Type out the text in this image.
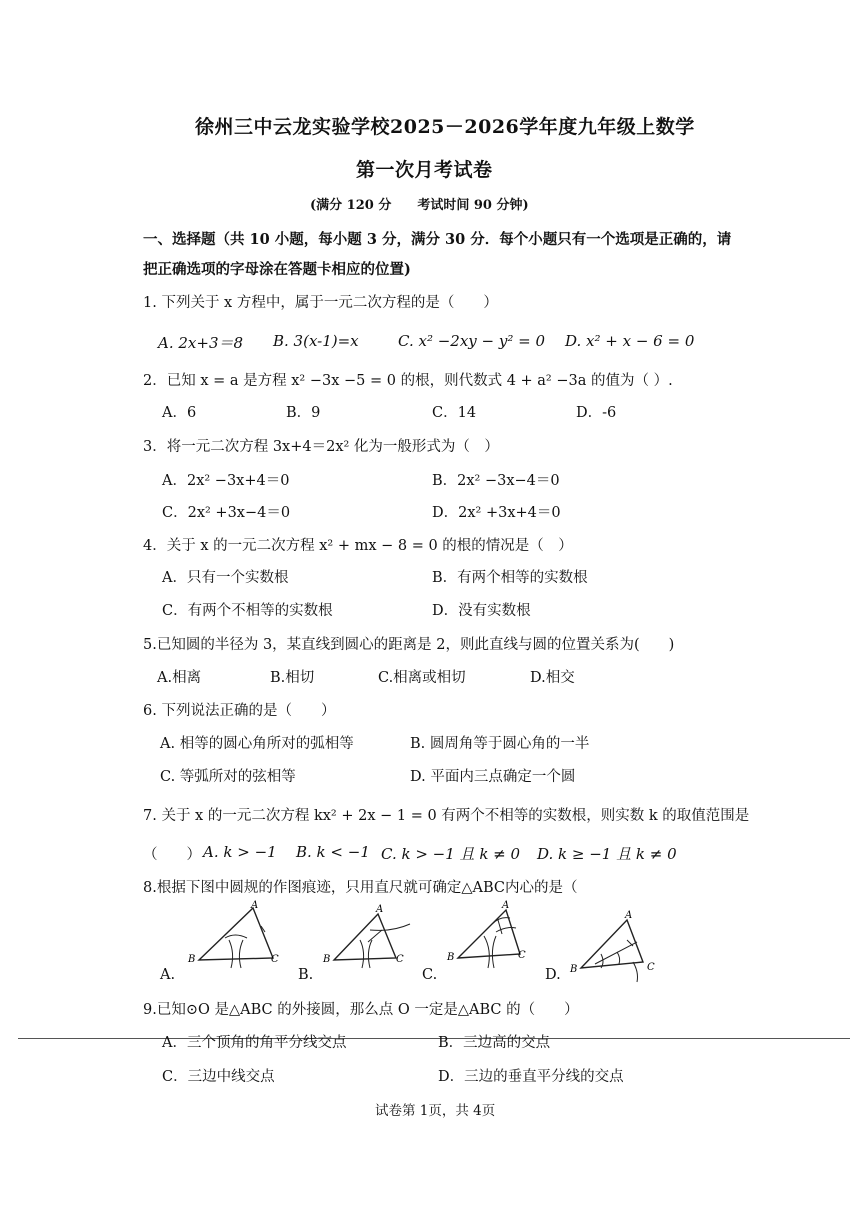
徐州三中云龙实验学校2025－2026学年度九年级上数学
第一次月考试卷
(满分 120 分　　考试时间 90 分钟)
一、选择题（共 10 小题，每小题 3 分，满分 30 分．每个小题只有一个选项是正确的，请
把正确选项的字母涂在答题卡相应的位置)
1. 下列关于 x 方程中，属于一元二次方程的是（　　）
A. 2x+3＝8 B. 3(x-1)=x	C. x² −2xy − y² = 0 D. x² + x − 6 = 0
2．已知 x = a 是方程 x² −3x −5 = 0 的根，则代数式 4 + a² −3a 的值为（ ）.
A．6	B．9	C．14	D．-6
3．将一元二次方程 3x+4＝2x² 化为一般形式为（　）
A．2x² −3x+4＝0	B．2x² −3x−4＝0
C．2x² +3x−4＝0	D．2x² +3x+4＝0
4．关于 x 的一元二次方程 x² + mx − 8 = 0 的根的情况是（　）
A．只有一个实数根	B．有两个相等的实数根
C．有两个不相等的实数根	D．没有实数根
5.已知圆的半径为 3，某直线到圆心的距离是 2，则此直线与圆的位置关系为(　　)
A.相离	B.相切	C.相离或相切	D.相交
6. 下列说法正确的是（　　）
A. 相等的圆心角所对的弧相等	B. 圆周角等于圆心角的一半
C. 等弧所对的弦相等	D. 平面内三点确定一个圆
7. 关于 x 的一元二次方程 kx² + 2x − 1 = 0 有两个不相等的实数根，则实数 k 的取值范围是
（　　） A. k > −1 B. k < −1 C. k > −1 且 k ≠ 0 D. k ≥ −1 且 k ≠ 0
8.根据下图中圆规的作图痕迹，只用直尺就可确定△ABC内心的是（
A.
A
B	C
B.
A
B	C
C.
A
B	C
D.
A
B	C
9.已知⊙O 是△ABC 的外接圆，那么点 O 一定是△ABC 的（　　）
A．三个顶角的角平分线交点	B．三边高的交点
C．三边中线交点	D．三边的垂直平分线的交点
试卷第 1页，共 4页
